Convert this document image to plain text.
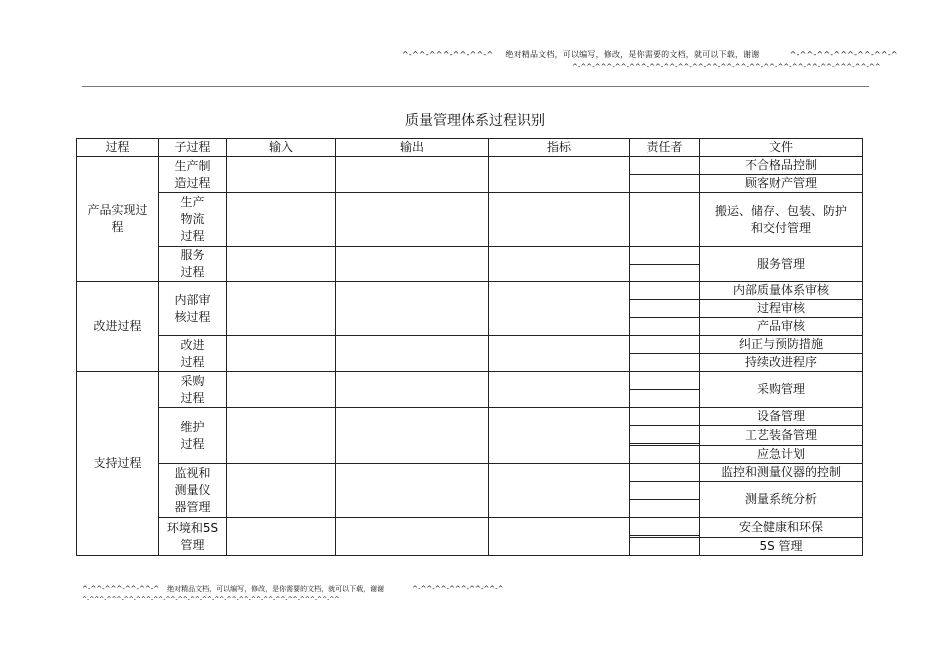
^-^^-^^^-^^-^^-^ 绝对精品文档，可以编写，修改，是你需要的文档，就可以下载，谢谢	^-^^-^^-^^^-^^-^^-^
^-^^-^^^-^^-^^^-^^-^^-^^-^^-^^-^^-^^-^^-^^-^^-^^-^^-^^-^^^-^^-^^
质量管理体系过程识别
过程	子过程	输入	输出	指标	责任者	文件

产品实现过程	生产制造过程					不合格品控制
						顾客财产管理

	生产物流过程					搬运、储存、包装、防护和交付管理

	服务过程					服务管理

改进过程	内部审核过程					内部质量体系审核
						过程审核
						产品审核

	改进过程					纠正与预防措施
						持续改进程序
支持过程	采购过程					采购管理

	维护过程					设备管理
						工艺装备管理

						应急计划

	监视和测量仪器管理					监控和测量仪器的控制
						测量系统分析

	环境和5S 管理					安全健康和环保

						5S 管理
^-^^-^^^-^^-^^-^ 绝对精品文档，可以编写，修改，是你需要的文档，就可以下载，谢谢	^-^^-^^-^^^-^^-^^-^
^-^^^-^^^-^^-^^^-^^-^^-^^-^^-^^-^^-^^-^^-^^-^^-^^-^^-^^^-^^-^^
